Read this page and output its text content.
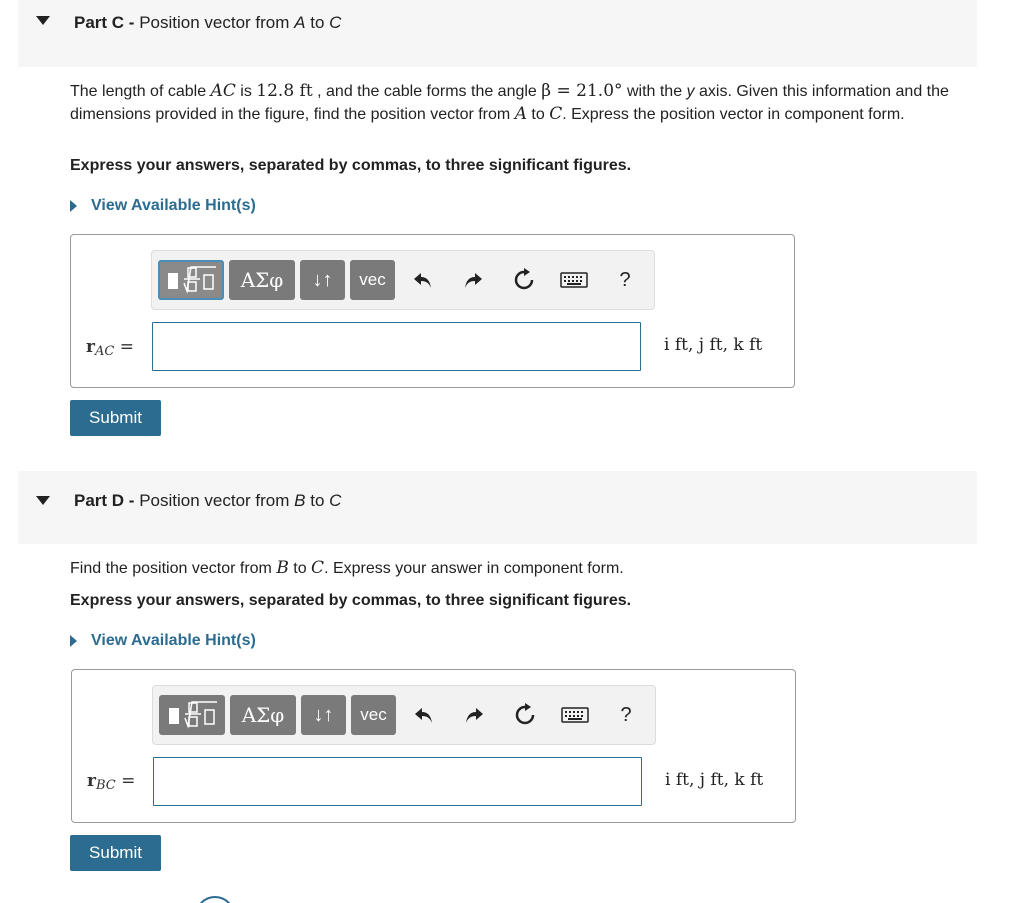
Part C - Position vector from A to C
The length of cable AC is 12.8 ft , and the cable forms the angle β = 21.0° with the y axis. Given this information and the dimensions provided in the figure, find the position vector from A to C. Express the position vector in component form.
Express your answers, separated by commas, to three significant figures.
View Available Hint(s)
ΑΣφ	↓↑	vec	?
$r_{AC}$ =	i ft, j ft, k ft
Submit
Part D - Position vector from B to C
Find the position vector from B to C. Express your answer in component form.
Express your answers, separated by commas, to three significant figures.
View Available Hint(s)
ΑΣφ	↓↑	vec	?
$r_{BC}$ =	i ft, j ft, k ft
Submit
